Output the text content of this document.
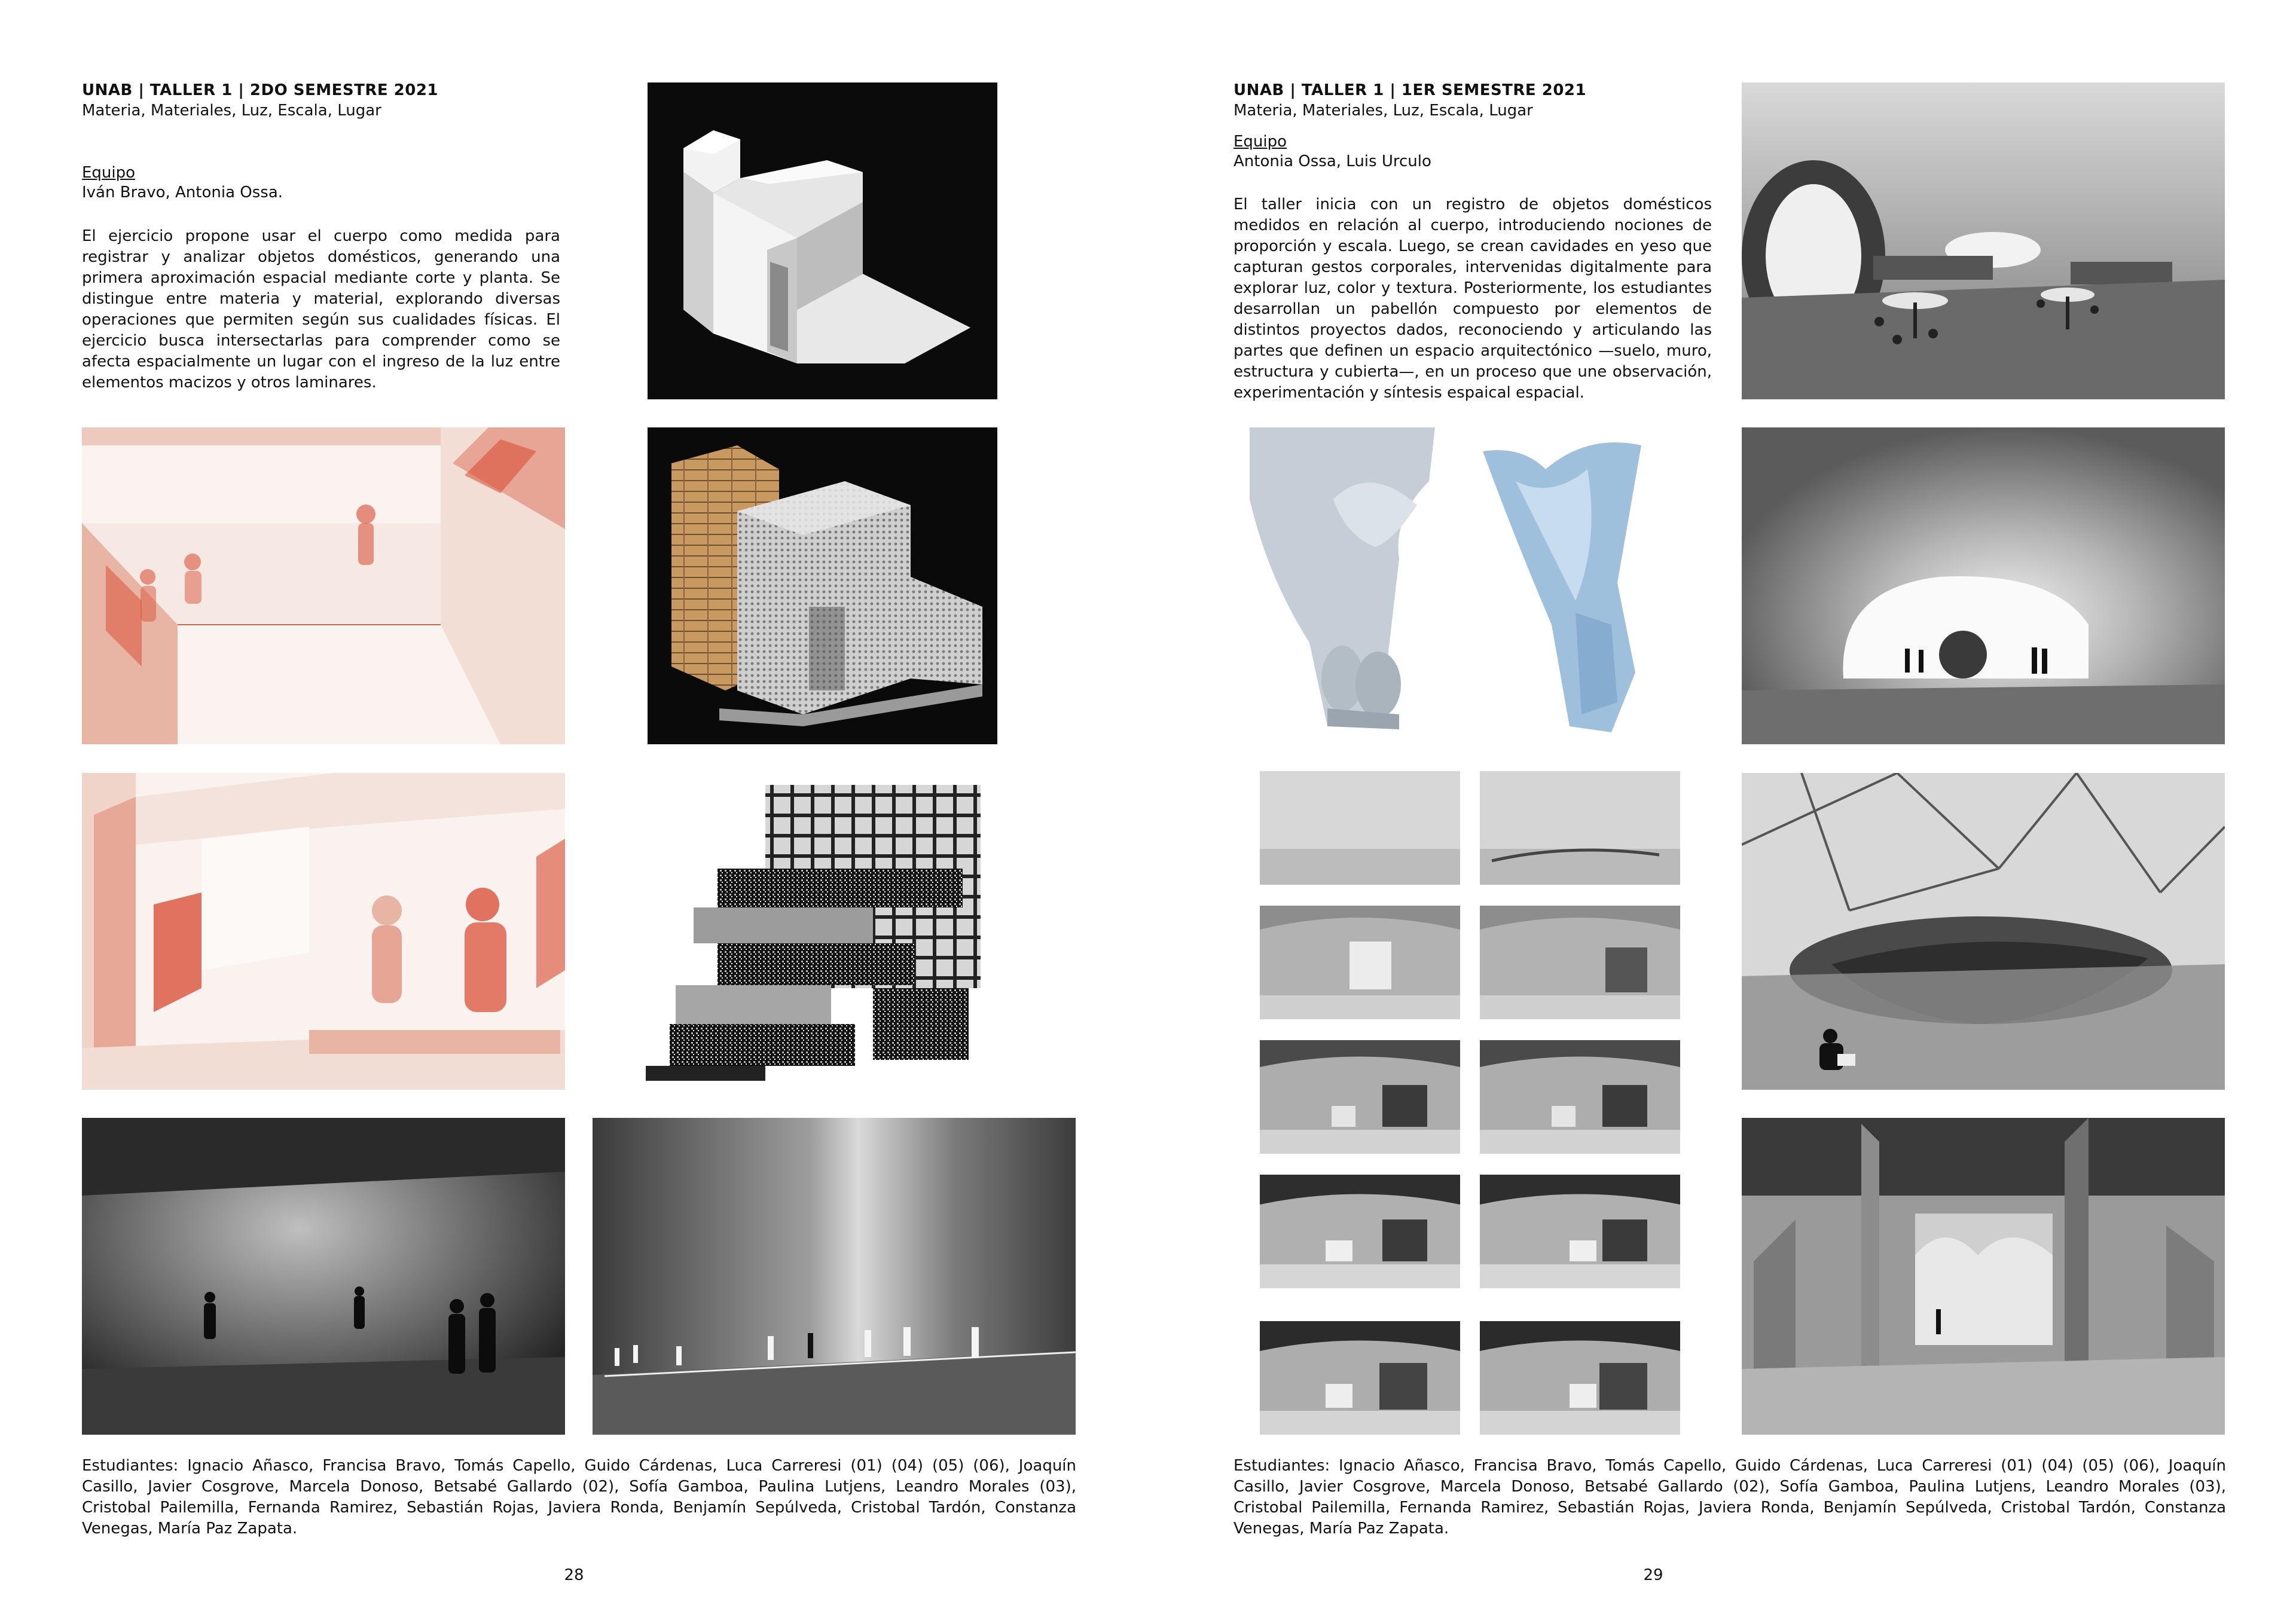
UNAB | TALLER 1 | 2DO SEMESTRE 2021
Materia, Materiales, Luz, Escala, Lugar
Equipo
Iván Bravo, Antonia Ossa.
El ejercicio propone usar el cuerpo como medida para registrar y analizar objetos domésticos, generando una primera aproximación espacial mediante corte y planta. Se distingue entre materia y material, explorando diversas operaciones que permiten según sus cualidades físicas. El ejercicio busca intersectarlas para comprender como se afecta espacialmente un lugar con el ingreso de la luz entre elementos macizos y otros laminares.
Estudiantes: Ignacio Añasco, Francisa Bravo, Tomás Capello, Guido Cárdenas, Luca Carreresi (01) (04) (05) (06), Joaquín Casillo, Javier Cosgrove, Marcela Donoso, Betsabé Gallardo (02), Sofía Gamboa, Paulina Lutjens, Leandro Morales (03), Cristobal Pailemilla, Fernanda Ramirez, Sebastián Rojas, Javiera Ronda, Benjamín Sepúlveda, Cristobal Tardón, Constanza Venegas, María Paz Zapata.
28
UNAB | TALLER 1 | 1ER SEMESTRE 2021
Materia, Materiales, Luz, Escala, Lugar
Equipo
Antonia Ossa, Luis Urculo
El taller inicia con un registro de objetos domésticos medidos en relación al cuerpo, introduciendo nociones de proporción y escala. Luego, se crean cavidades en yeso que capturan gestos corporales, intervenidas digitalmente para explorar luz, color y textura. Posteriormente, los estudiantes desarrollan un pabellón compuesto por elementos de distintos proyectos dados, reconociendo y articulando las partes que definen un espacio arquitectónico —suelo, muro, estructura y cubierta—, en un proceso que une observación, experimentación y síntesis espaical espacial.
Estudiantes: Ignacio Añasco, Francisa Bravo, Tomás Capello, Guido Cárdenas, Luca Carreresi (01) (04) (05) (06), Joaquín Casillo, Javier Cosgrove, Marcela Donoso, Betsabé Gallardo (02), Sofía Gamboa, Paulina Lutjens, Leandro Morales (03), Cristobal Pailemilla, Fernanda Ramirez, Sebastián Rojas, Javiera Ronda, Benjamín Sepúlveda, Cristobal Tardón, Constanza Venegas, María Paz Zapata.
29
